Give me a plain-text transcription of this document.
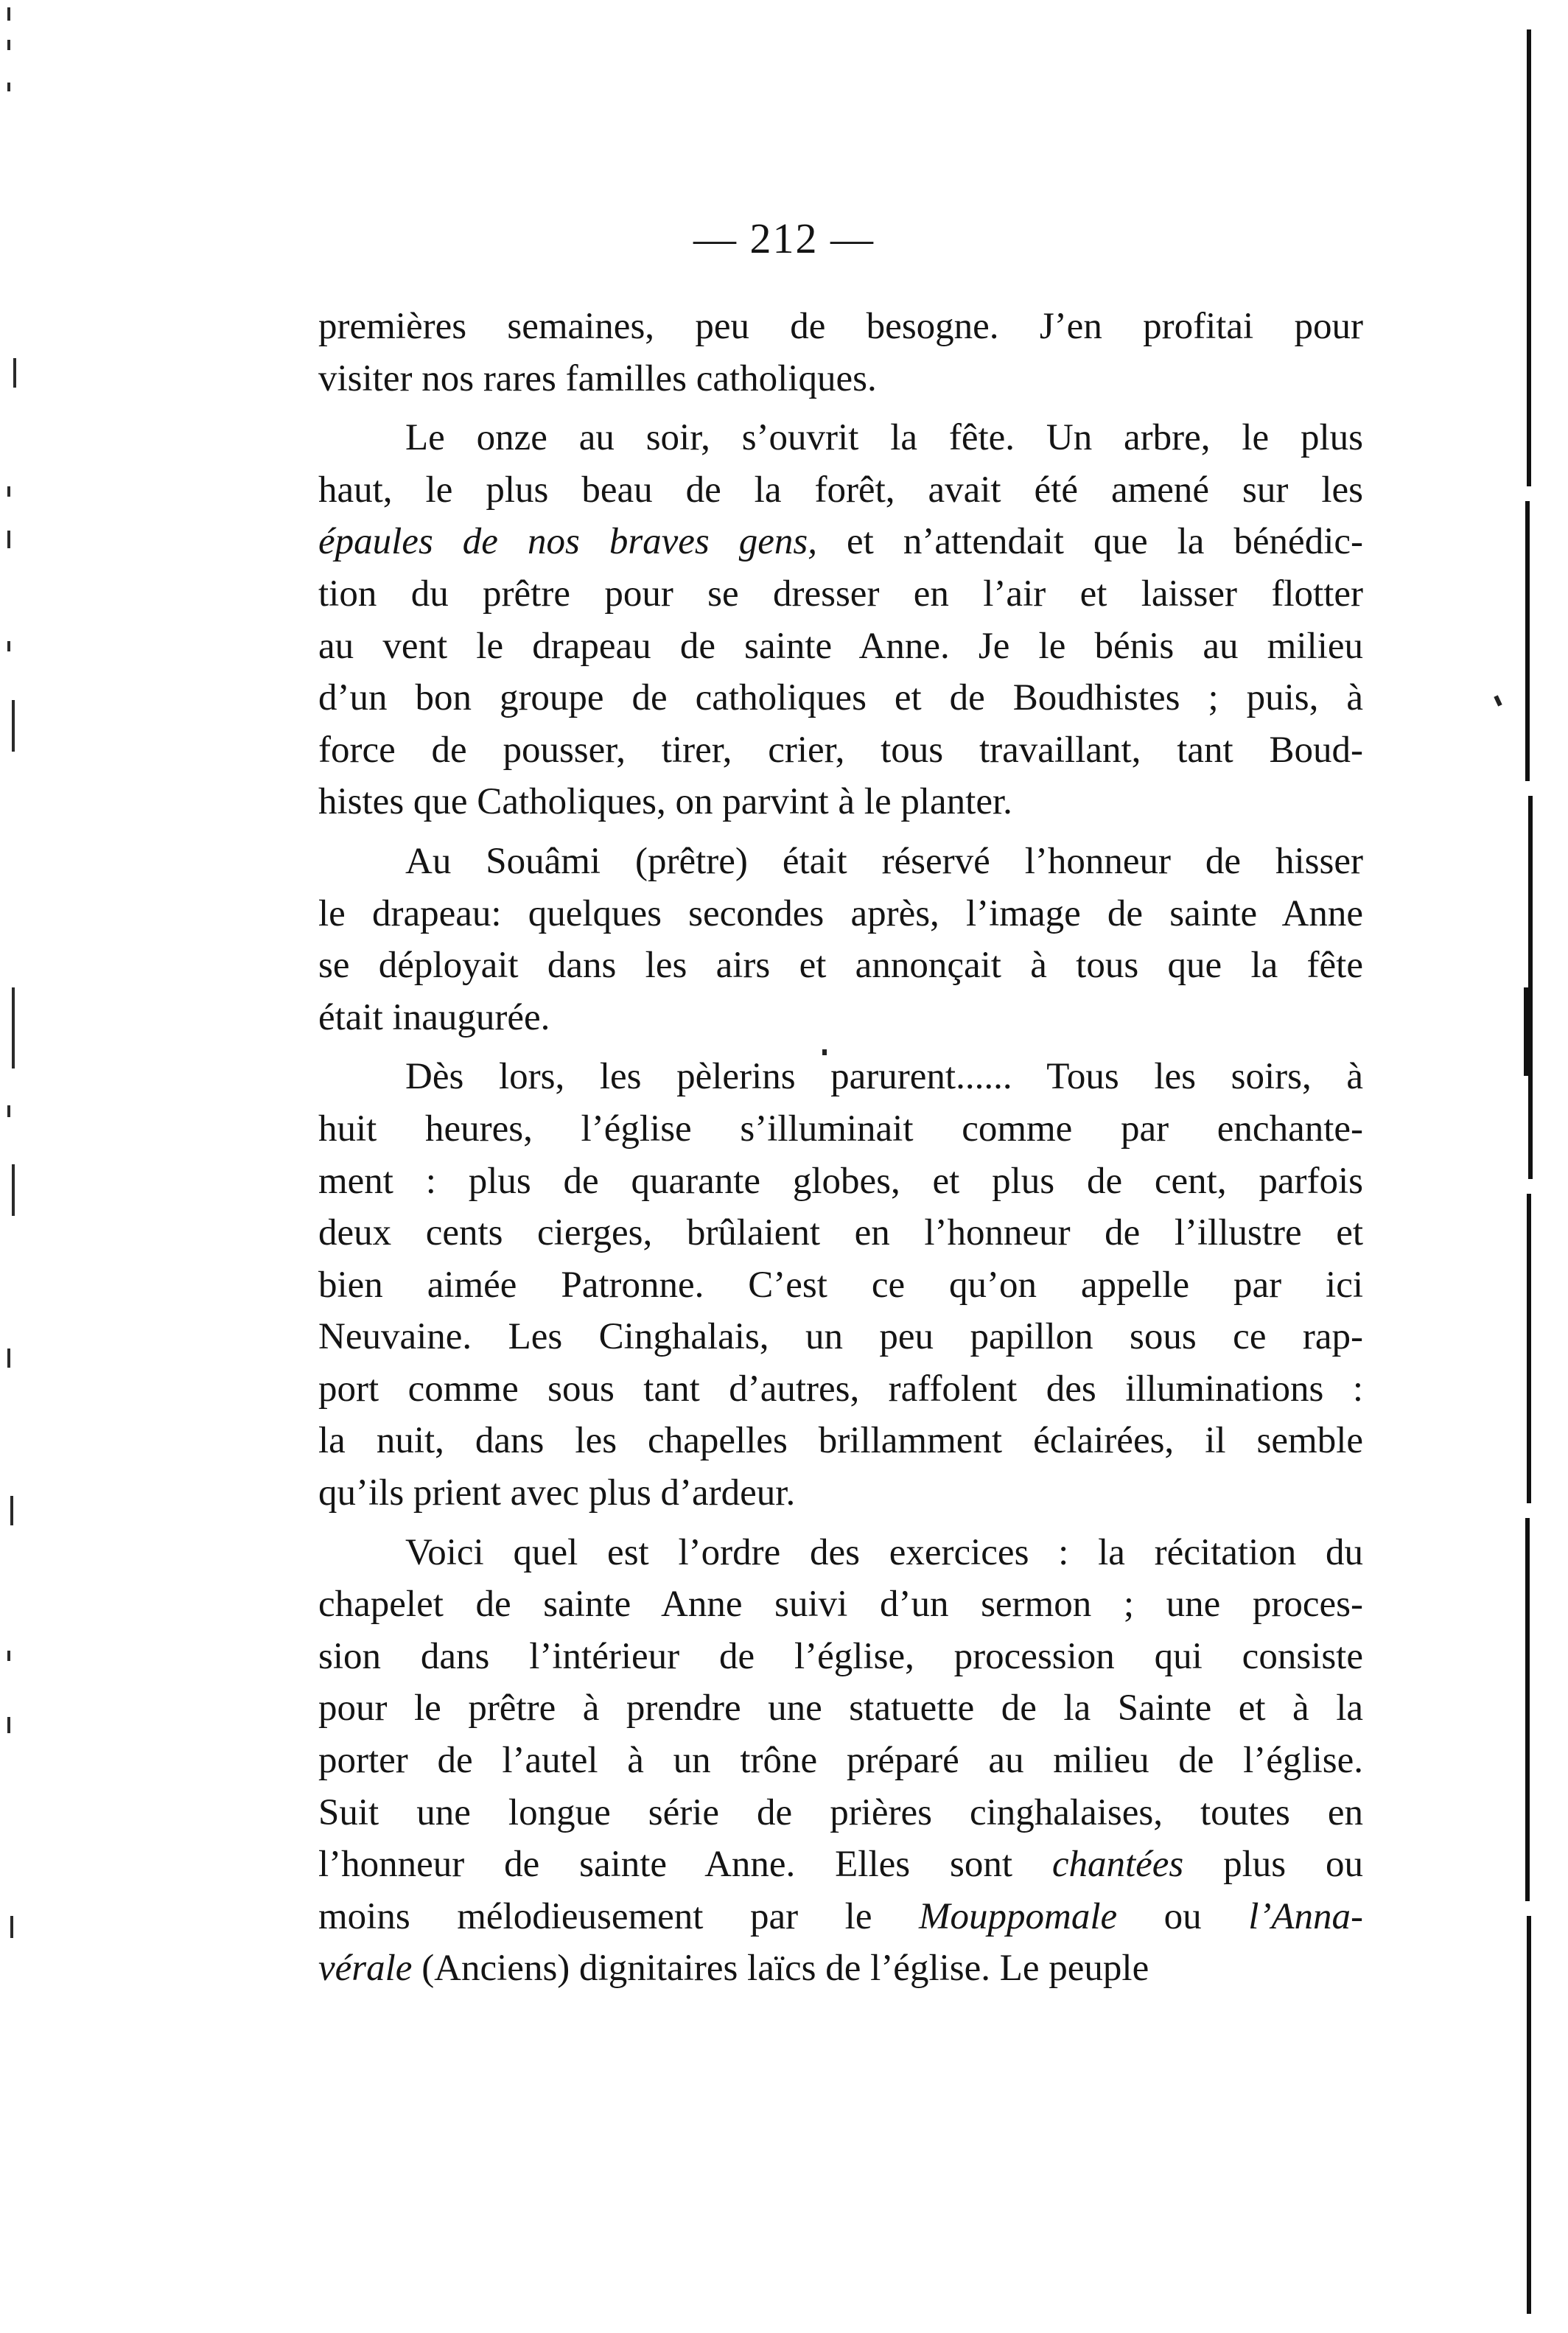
— 212 —
premières semaines, peu de besogne. J’en profitai pour
visiter nos rares familles catholiques.
Le onze au soir, s’ouvrit la fête. Un arbre, le plus
haut, le plus beau de la forêt, avait été amené sur les
épaules de nos braves gens, et n’attendait que la bénédic-
tion du prêtre pour se dresser en l’air et laisser flotter
au vent le drapeau de sainte Anne. Je le bénis au milieu
d’un bon groupe de catholiques et de Boudhistes ; puis, à
force de pousser, tirer, crier, tous travaillant, tant Boud-
histes que Catholiques, on parvint à le planter.
Au Souâmi (prêtre) était réservé l’honneur de hisser
le drapeau: quelques secondes après, l’image de sainte Anne
se déployait dans les airs et annonçait à tous que la fête
était inaugurée.
Dès lors, les pèlerins parurent...... Tous les soirs, à
huit heures, l’église s’illuminait comme par enchante-
ment : plus de quarante globes, et plus de cent, parfois
deux cents cierges, brûlaient en l’honneur de l’illustre et
bien aimée Patronne. C’est ce qu’on appelle par ici
Neuvaine. Les Cinghalais, un peu papillon sous ce rap-
port comme sous tant d’autres, raffolent des illuminations :
la nuit, dans les chapelles brillamment éclairées, il semble
qu’ils prient avec plus d’ardeur.
Voici quel est l’ordre des exercices : la récitation du
chapelet de sainte Anne suivi d’un sermon ; une proces-
sion dans l’intérieur de l’église, procession qui consiste
pour le prêtre à prendre une statuette de la Sainte et à la
porter de l’autel à un trône préparé au milieu de l’église.
Suit une longue série de prières cinghalaises, toutes en
l’honneur de sainte Anne. Elles sont chantées plus ou
moins mélodieusement par le Mouppomale ou l’Anna-
vérale (Anciens) dignitaires laïcs de l’église. Le peuple
